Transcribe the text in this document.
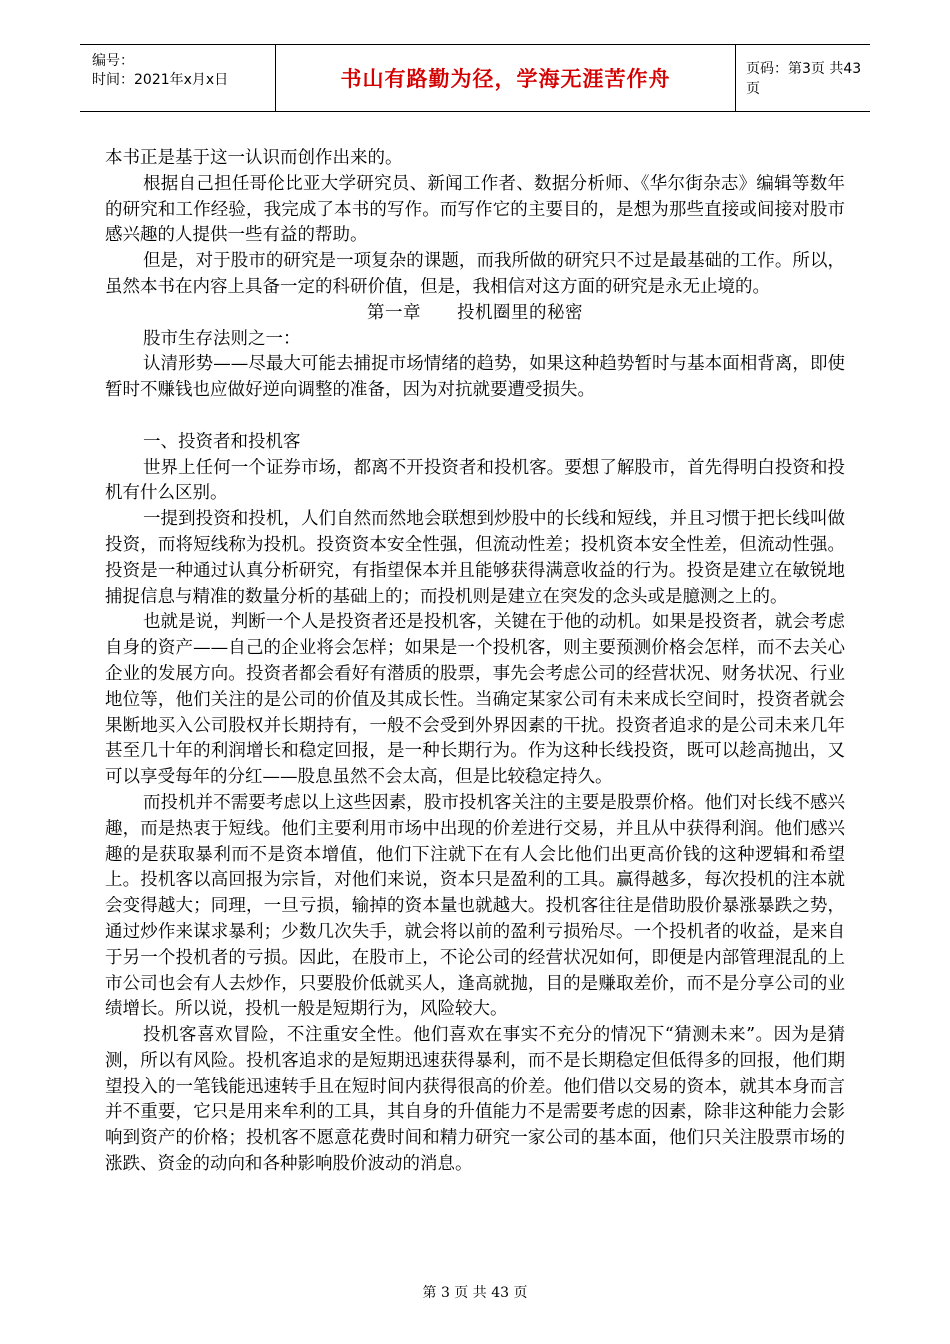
编号：
时间：2021年x月x日	书山有路勤为径，学海无涯苦作舟	页码：第3页 共43页

本书正是基于这一认识而创作出来的。

根据自己担任哥伦比亚大学研究员、新闻工作者、数据分析师、《华尔街杂志》编辑等数年的研究和工作经验，我完成了本书的写作。而写作它的主要目的，是想为那些直接或间接对股市感兴趣的人提供一些有益的帮助。

但是，对于股市的研究是一项复杂的课题，而我所做的研究只不过是最基础的工作。所以，虽然本书在内容上具备一定的科研价值，但是，我相信对这方面的研究是永无止境的。

第一章　　投机圈里的秘密

股市生存法则之一：

认清形势——尽最大可能去捕捉市场情绪的趋势，如果这种趋势暂时与基本面相背离，即使暂时不赚钱也应做好逆向调整的准备，因为对抗就要遭受损失。

一、投资者和投机客

世界上任何一个证券市场，都离不开投资者和投机客。要想了解股市，首先得明白投资和投机有什么区别。

一提到投资和投机，人们自然而然地会联想到炒股中的长线和短线，并且习惯于把长线叫做投资，而将短线称为投机。投资资本安全性强，但流动性差；投机资本安全性差，但流动性强。投资是一种通过认真分析研究，有指望保本并且能够获得满意收益的行为。投资是建立在敏锐地捕捉信息与精准的数量分析的基础上的；而投机则是建立在突发的念头或是臆测之上的。

也就是说，判断一个人是投资者还是投机客，关键在于他的动机。如果是投资者，就会考虑自身的资产——自己的企业将会怎样；如果是一个投机客，则主要预测价格会怎样，而不去关心企业的发展方向。投资者都会看好有潜质的股票，事先会考虑公司的经营状况、财务状况、行业地位等，他们关注的是公司的价值及其成长性。当确定某家公司有未来成长空间时，投资者就会果断地买入公司股权并长期持有，一般不会受到外界因素的干扰。投资者追求的是公司未来几年甚至几十年的利润增长和稳定回报，是一种长期行为。作为这种长线投资，既可以趁高抛出，又可以享受每年的分红——股息虽然不会太高，但是比较稳定持久。

而投机并不需要考虑以上这些因素，股市投机客关注的主要是股票价格。他们对长线不感兴趣，而是热衷于短线。他们主要利用市场中出现的价差进行交易，并且从中获得利润。他们感兴趣的是获取暴利而不是资本增值，他们下注就下在有人会比他们出更高价钱的这种逻辑和希望上。投机客以高回报为宗旨，对他们来说，资本只是盈利的工具。赢得越多，每次投机的注本就会变得越大；同理，一旦亏损，输掉的资本量也就越大。投机客往往是借助股价暴涨暴跌之势，通过炒作来谋求暴利；少数几次失手，就会将以前的盈利亏损殆尽。一个投机者的收益，是来自于另一个投机者的亏损。因此，在股市上，不论公司的经营状况如何，即便是内部管理混乱的上市公司也会有人去炒作，只要股价低就买人，逢高就抛，目的是赚取差价，而不是分享公司的业绩增长。所以说，投机一般是短期行为，风险较大。

投机客喜欢冒险，不注重安全性。他们喜欢在事实不充分的情况下“猜测未来”。因为是猜测，所以有风险。投机客追求的是短期迅速获得暴利，而不是长期稳定但低得多的回报，他们期望投入的一笔钱能迅速转手且在短时间内获得很高的价差。他们借以交易的资本，就其本身而言并不重要，它只是用来牟利的工具，其自身的升值能力不是需要考虑的因素，除非这种能力会影响到资产的价格；投机客不愿意花费时间和精力研究一家公司的基本面，他们只关注股票市场的涨跌、资金的动向和各种影响股价波动的消息。

第 3 页 共 43 页
